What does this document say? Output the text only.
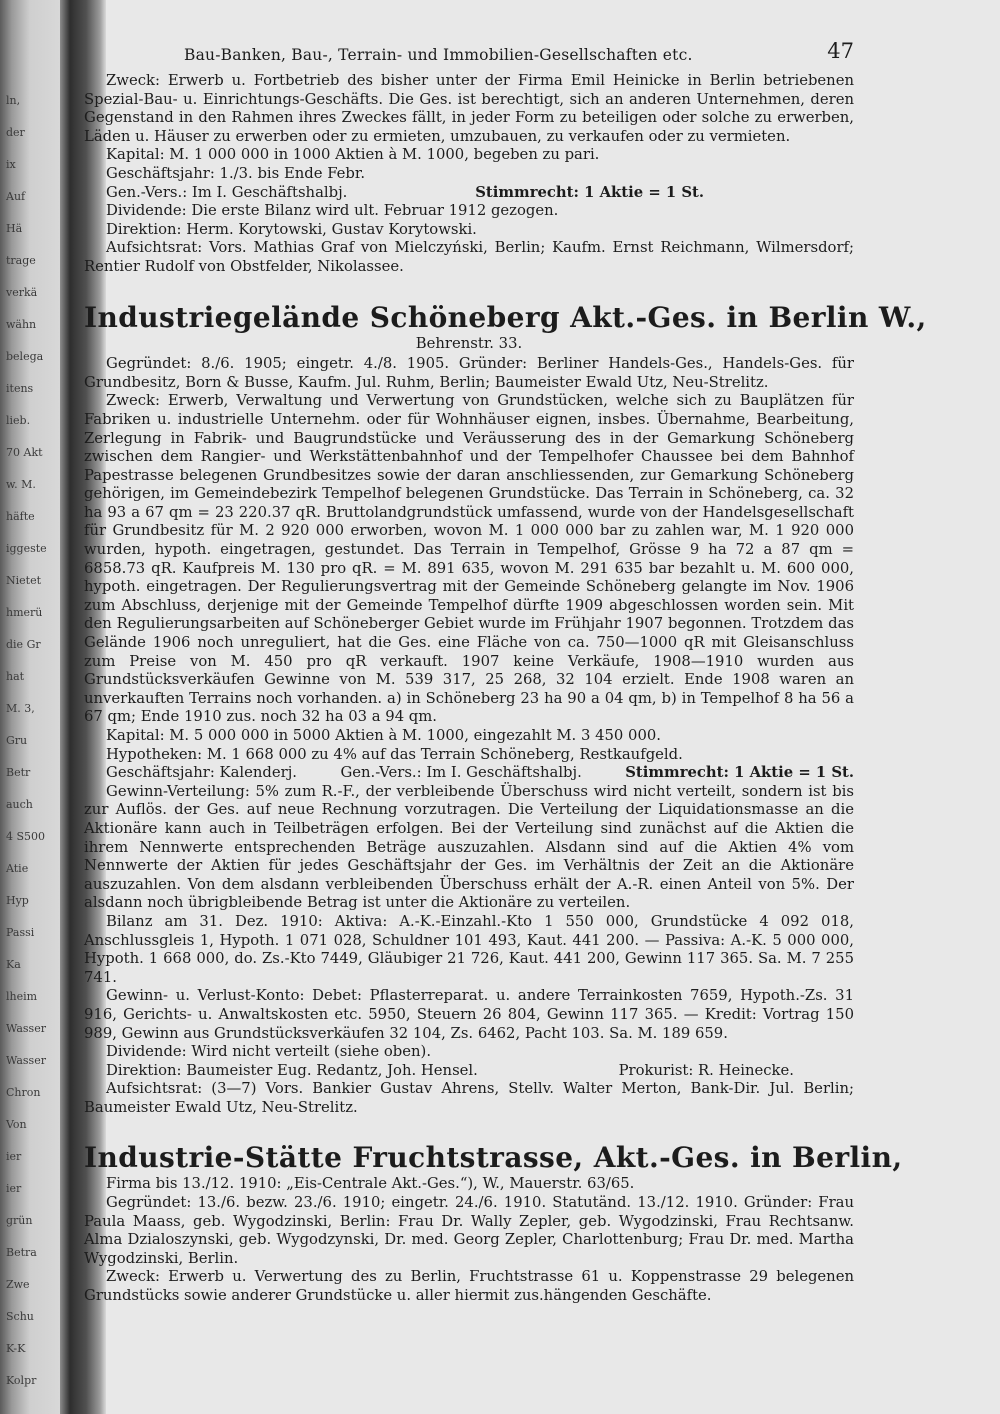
ln,
der
ix
Auf
Hä
trage
verkä
wähn
belega
itens
lieb.
70 Akt
w. M.
häfte
iggeste
Nietet
hmerü
die Gr
hat
M. 3,
Gru
Betr
auch
4 S500
Atie
Hyp
Passi
Ka
lheim
Wasser
Wasser
Chron
Von
ier
ier
grün
Betra
Zwe
Schu
K-K
Kolpr
Bau-Banken, Bau-, Terrain- und Immobilien-Gesellschaften etc.	47

Zweck: Erwerb u. Fortbetrieb des bisher unter der Firma Emil Heinicke in Berlin betriebenen Spezial-Bau- u. Einrichtungs-Geschäfts. Die Ges. ist berechtigt, sich an anderen Unternehmen, deren Gegenstand in den Rahmen ihres Zweckes fällt, in jeder Form zu beteiligen oder solche zu erwerben, Läden u. Häuser zu erwerben oder zu ermieten, umzubauen, zu verkaufen oder zu vermieten.

Kapital: M. 1 000 000 in 1000 Aktien à M. 1000, begeben zu pari.

Geschäftsjahr: 1./3. bis Ende Febr.

Gen.-Vers.: Im I. Geschäftshalbj.	Stimmrecht: 1 Aktie = 1 St.

Dividende: Die erste Bilanz wird ult. Februar 1912 gezogen.

Direktion: Herm. Korytowski, Gustav Korytowski.

Aufsichtsrat: Vors. Mathias Graf von Mielczyński, Berlin; Kaufm. Ernst Reichmann, Wilmersdorf; Rentier Rudolf von Obstfelder, Nikolassee.

Industriegelände Schöneberg Akt.-Ges. in Berlin W.,

Behrenstr. 33.

Gegründet: 8./6. 1905; eingetr. 4./8. 1905. Gründer: Berliner Handels-Ges., Handels-Ges. für Grundbesitz, Born & Busse, Kaufm. Jul. Ruhm, Berlin; Baumeister Ewald Utz, Neu-Strelitz.

Zweck: Erwerb, Verwaltung und Verwertung von Grundstücken, welche sich zu Bauplätzen für Fabriken u. industrielle Unternehm. oder für Wohnhäuser eignen, insbes. Übernahme, Bearbeitung, Zerlegung in Fabrik- und Baugrundstücke und Veräusserung des in der Gemarkung Schöneberg zwischen dem Rangier- und Werkstättenbahnhof und der Tempelhofer Chaussee bei dem Bahnhof Papestrasse belegenen Grundbesitzes sowie der daran anschliessenden, zur Gemarkung Schöneberg gehörigen, im Gemeindebezirk Tempelhof belegenen Grundstücke. Das Terrain in Schöneberg, ca. 32 ha 93 a 67 qm = 23 220.37 qR. Bruttolandgrundstück umfassend, wurde von der Handelsgesellschaft für Grundbesitz für M. 2 920 000 erworben, wovon M. 1 000 000 bar zu zahlen war, M. 1 920 000 wurden, hypoth. eingetragen, gestundet. Das Terrain in Tempelhof, Grösse 9 ha 72 a 87 qm = 6858.73 qR. Kaufpreis M. 130 pro qR. = M. 891 635, wovon M. 291 635 bar bezahlt u. M. 600 000, hypoth. eingetragen. Der Regulierungsvertrag mit der Gemeinde Schöneberg gelangte im Nov. 1906 zum Abschluss, derjenige mit der Gemeinde Tempelhof dürfte 1909 abgeschlossen worden sein. Mit den Regulierungsarbeiten auf Schöneberger Gebiet wurde im Frühjahr 1907 begonnen. Trotzdem das Gelände 1906 noch unreguliert, hat die Ges. eine Fläche von ca. 750—1000 qR mit Gleisanschluss zum Preise von M. 450 pro qR verkauft. 1907 keine Verkäufe, 1908—1910 wurden aus Grundstücksverkäufen Gewinne von M. 539 317, 25 268, 32 104 erzielt. Ende 1908 waren an unverkauften Terrains noch vorhanden. a) in Schöneberg 23 ha 90 a 04 qm, b) in Tempelhof 8 ha 56 a 67 qm; Ende 1910 zus. noch 32 ha 03 a 94 qm.

Kapital: M. 5 000 000 in 5000 Aktien à M. 1000, eingezahlt M. 3 450 000.

Hypotheken: M. 1 668 000 zu 4% auf das Terrain Schöneberg, Restkaufgeld.

Geschäftsjahr: Kalenderj.	Gen.-Vers.: Im I. Geschäftshalbj.	Stimmrecht: 1 Aktie = 1 St.

Gewinn-Verteilung: 5% zum R.-F., der verbleibende Überschuss wird nicht verteilt, sondern ist bis zur Auflös. der Ges. auf neue Rechnung vorzutragen. Die Verteilung der Liquidationsmasse an die Aktionäre kann auch in Teilbeträgen erfolgen. Bei der Verteilung sind zunächst auf die Aktien die ihrem Nennwerte entsprechenden Beträge auszuzahlen. Alsdann sind auf die Aktien 4% vom Nennwerte der Aktien für jedes Geschäftsjahr der Ges. im Verhältnis der Zeit an die Aktionäre auszuzahlen. Von dem alsdann verbleibenden Überschuss erhält der A.-R. einen Anteil von 5%. Der alsdann noch übrigbleibende Betrag ist unter die Aktionäre zu verteilen.

Bilanz am 31. Dez. 1910: Aktiva: A.-K.-Einzahl.-Kto 1 550 000, Grundstücke 4 092 018, Anschlussgleis 1, Hypoth. 1 071 028, Schuldner 101 493, Kaut. 441 200. — Passiva: A.-K. 5 000 000, Hypoth. 1 668 000, do. Zs.-Kto 7449, Gläubiger 21 726, Kaut. 441 200, Gewinn 117 365. Sa. M. 7 255 741.

Gewinn- u. Verlust-Konto: Debet: Pflasterreparat. u. andere Terrainkosten 7659, Hypoth.-Zs. 31 916, Gerichts- u. Anwaltskosten etc. 5950, Steuern 26 804, Gewinn 117 365. — Kredit: Vortrag 150 989, Gewinn aus Grundstücksverkäufen 32 104, Zs. 6462, Pacht 103. Sa. M. 189 659.

Dividende: Wird nicht verteilt (siehe oben).

Direktion: Baumeister Eug. Redantz, Joh. Hensel.	Prokurist: R. Heinecke.

Aufsichtsrat: (3—7) Vors. Bankier Gustav Ahrens, Stellv. Walter Merton, Bank-Dir. Jul. Berlin; Baumeister Ewald Utz, Neu-Strelitz.

Industrie-Stätte Fruchtstrasse, Akt.-Ges. in Berlin,

Firma bis 13./12. 1910: „Eis-Centrale Akt.-Ges.“), W., Mauerstr. 63/65.

Gegründet: 13./6. bezw. 23./6. 1910; eingetr. 24./6. 1910. Statutänd. 13./12. 1910. Gründer: Frau Paula Maass, geb. Wygodzinski, Berlin: Frau Dr. Wally Zepler, geb. Wygodzinski, Frau Rechtsanw. Alma Dzialoszynski, geb. Wygodzynski, Dr. med. Georg Zepler, Charlottenburg; Frau Dr. med. Martha Wygodzinski, Berlin.

Zweck: Erwerb u. Verwertung des zu Berlin, Fruchtstrasse 61 u. Koppenstrasse 29 belegenen Grundstücks sowie anderer Grundstücke u. aller hiermit zus.hängenden Geschäfte.
